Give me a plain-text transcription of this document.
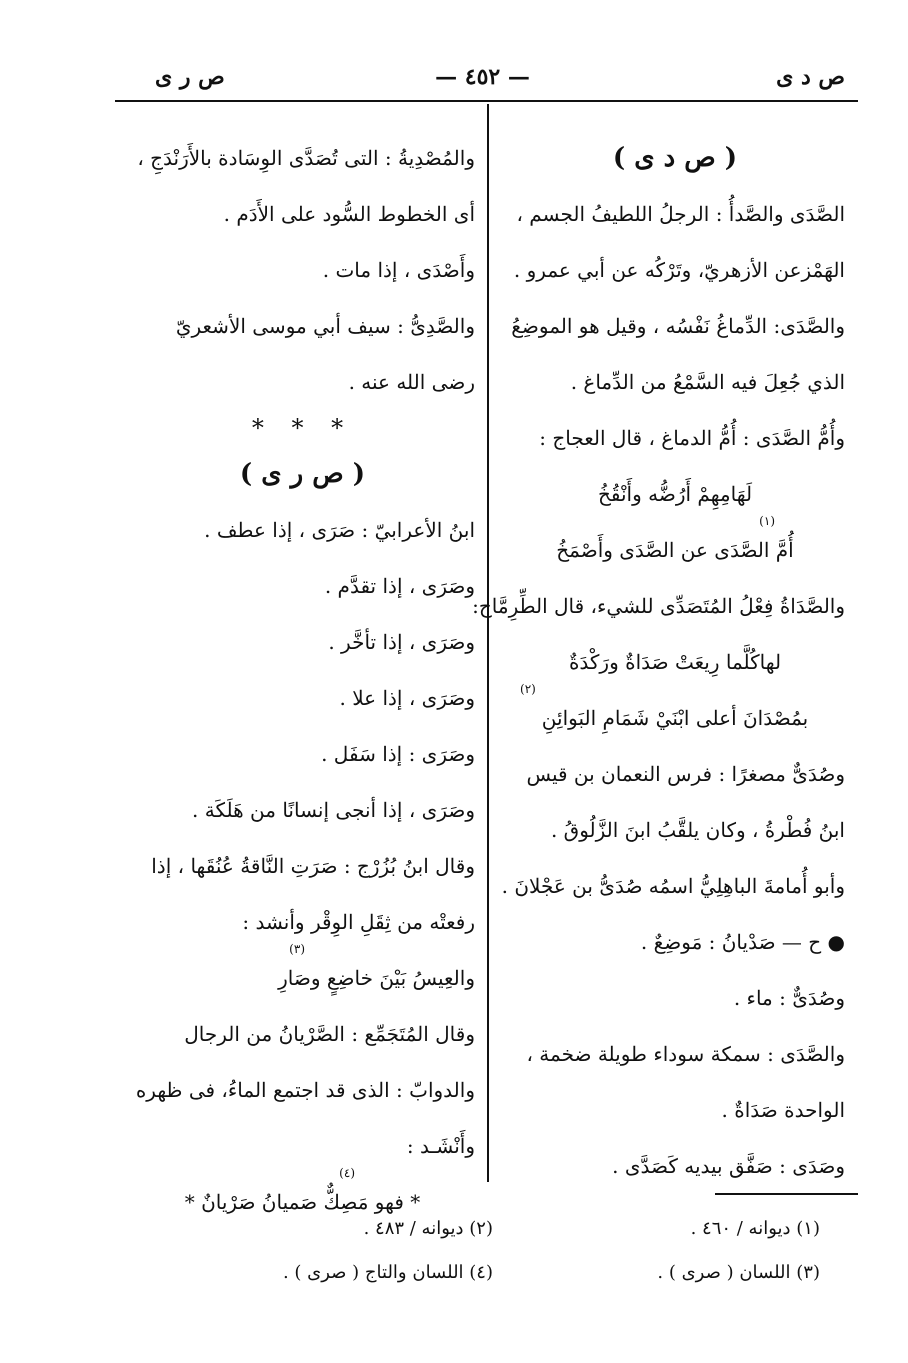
ص د ی
— ٤٥٢ —
ص ر ی
( ص د ی )
الصَّدَى والصَّدأُ : الرجلُ اللطيفُ الجسم ،
الهَمْزعن الأزهريّ، وتَرْكُه عن أبي عمرو .
والصَّدَى: الدِّماغُ نَفْسُه ، وقيل هو الموضِعُ
الذي جُعِلَ فيه السَّمْعُ من الدِّماغ .
وأُمُّ الصَّدَى : أُمُّ الدماغ ، قال العجاج :
لَهَامِهِمْ أَرُضُّه وأَنْقُخُ
(١)
أُمَّ الصَّدَى عن الصَّدَى وأَصْمَخُ
والصَّدَاةُ فِعْلُ المُتَصَدِّى للشيء، قال الطِّرِمَّاح:
لهاكُلَّما رِيعَتْ صَدَاةٌ ورَكْدَةٌ
(٢)
بمُصْدَانَ أعلى ابْنَيْ شَمَامِ البَوائِنِ
وصُدَىٌّ مصغرًا : فرس النعمان بن قيس
ابنُ فُطْرةُ ، وكان يلقَّبُ ابنَ الزَّلُوقُ .
وأبو أُمامةَ الباهِلِيُّ اسمُه صُدَىُّ بن عَجْلانَ .
● ح — صَدْيانُ : مَوضِعٌ .
وصُدَىٌّ : ماء .
والصَّدَى : سمكة سوداء طويلة ضخمة ،
الواحدة صَدَاةٌ .
وصَدَى : صَفَّق بيديه كَصَدَّى .
والمُصْدِيةُ : التى تُصَدَّى الوِسَادة بالأَرَنْدَجِ ،
أى الخطوط السُّود على الأَدَم .
وأَصْدَى ، إذا مات .
والصَّدِىُّ : سيف أبي موسى الأشعريّ
رضى الله عنه .
* * *
( ص ر ی )
ابنُ الأعرابيّ : صَرَى ، إذا عطف .
وصَرَى ، إذا تقدَّم .
وصَرَى ، إذا تأخَّر .
وصَرَى ، إذا علا .
وصَرَى : إذا سَفَل .
وصَرَى ، إذا أنجى إنسانًا من هَلَكَة .
وقال ابنُ بُزُرْج : صَرَتِ النَّاقةُ عُنُقَها ، إذا
رفعتْه من ثِقَلِ الوِقْر وأنشد :
(٣)
والعِيسُ بَيْنَ خاضِعٍ وصَارِ
وقال المُتَجَمِّع : الصَّرْيانُ من الرجال
والدوابّ : الذى قد اجتمع الماءُ، فى ظهره
وأَنْشَـد :
(٤)
* فهو مَصِكٌّ صَميانُ صَرْيانٌ *
(١) ديوانه / ٤٦٠ .
(٢) ديوانه / ٤٨٣ .
(٣) اللسان ( صرى ) .
(٤) اللسان والتاج ( صرى ) .
